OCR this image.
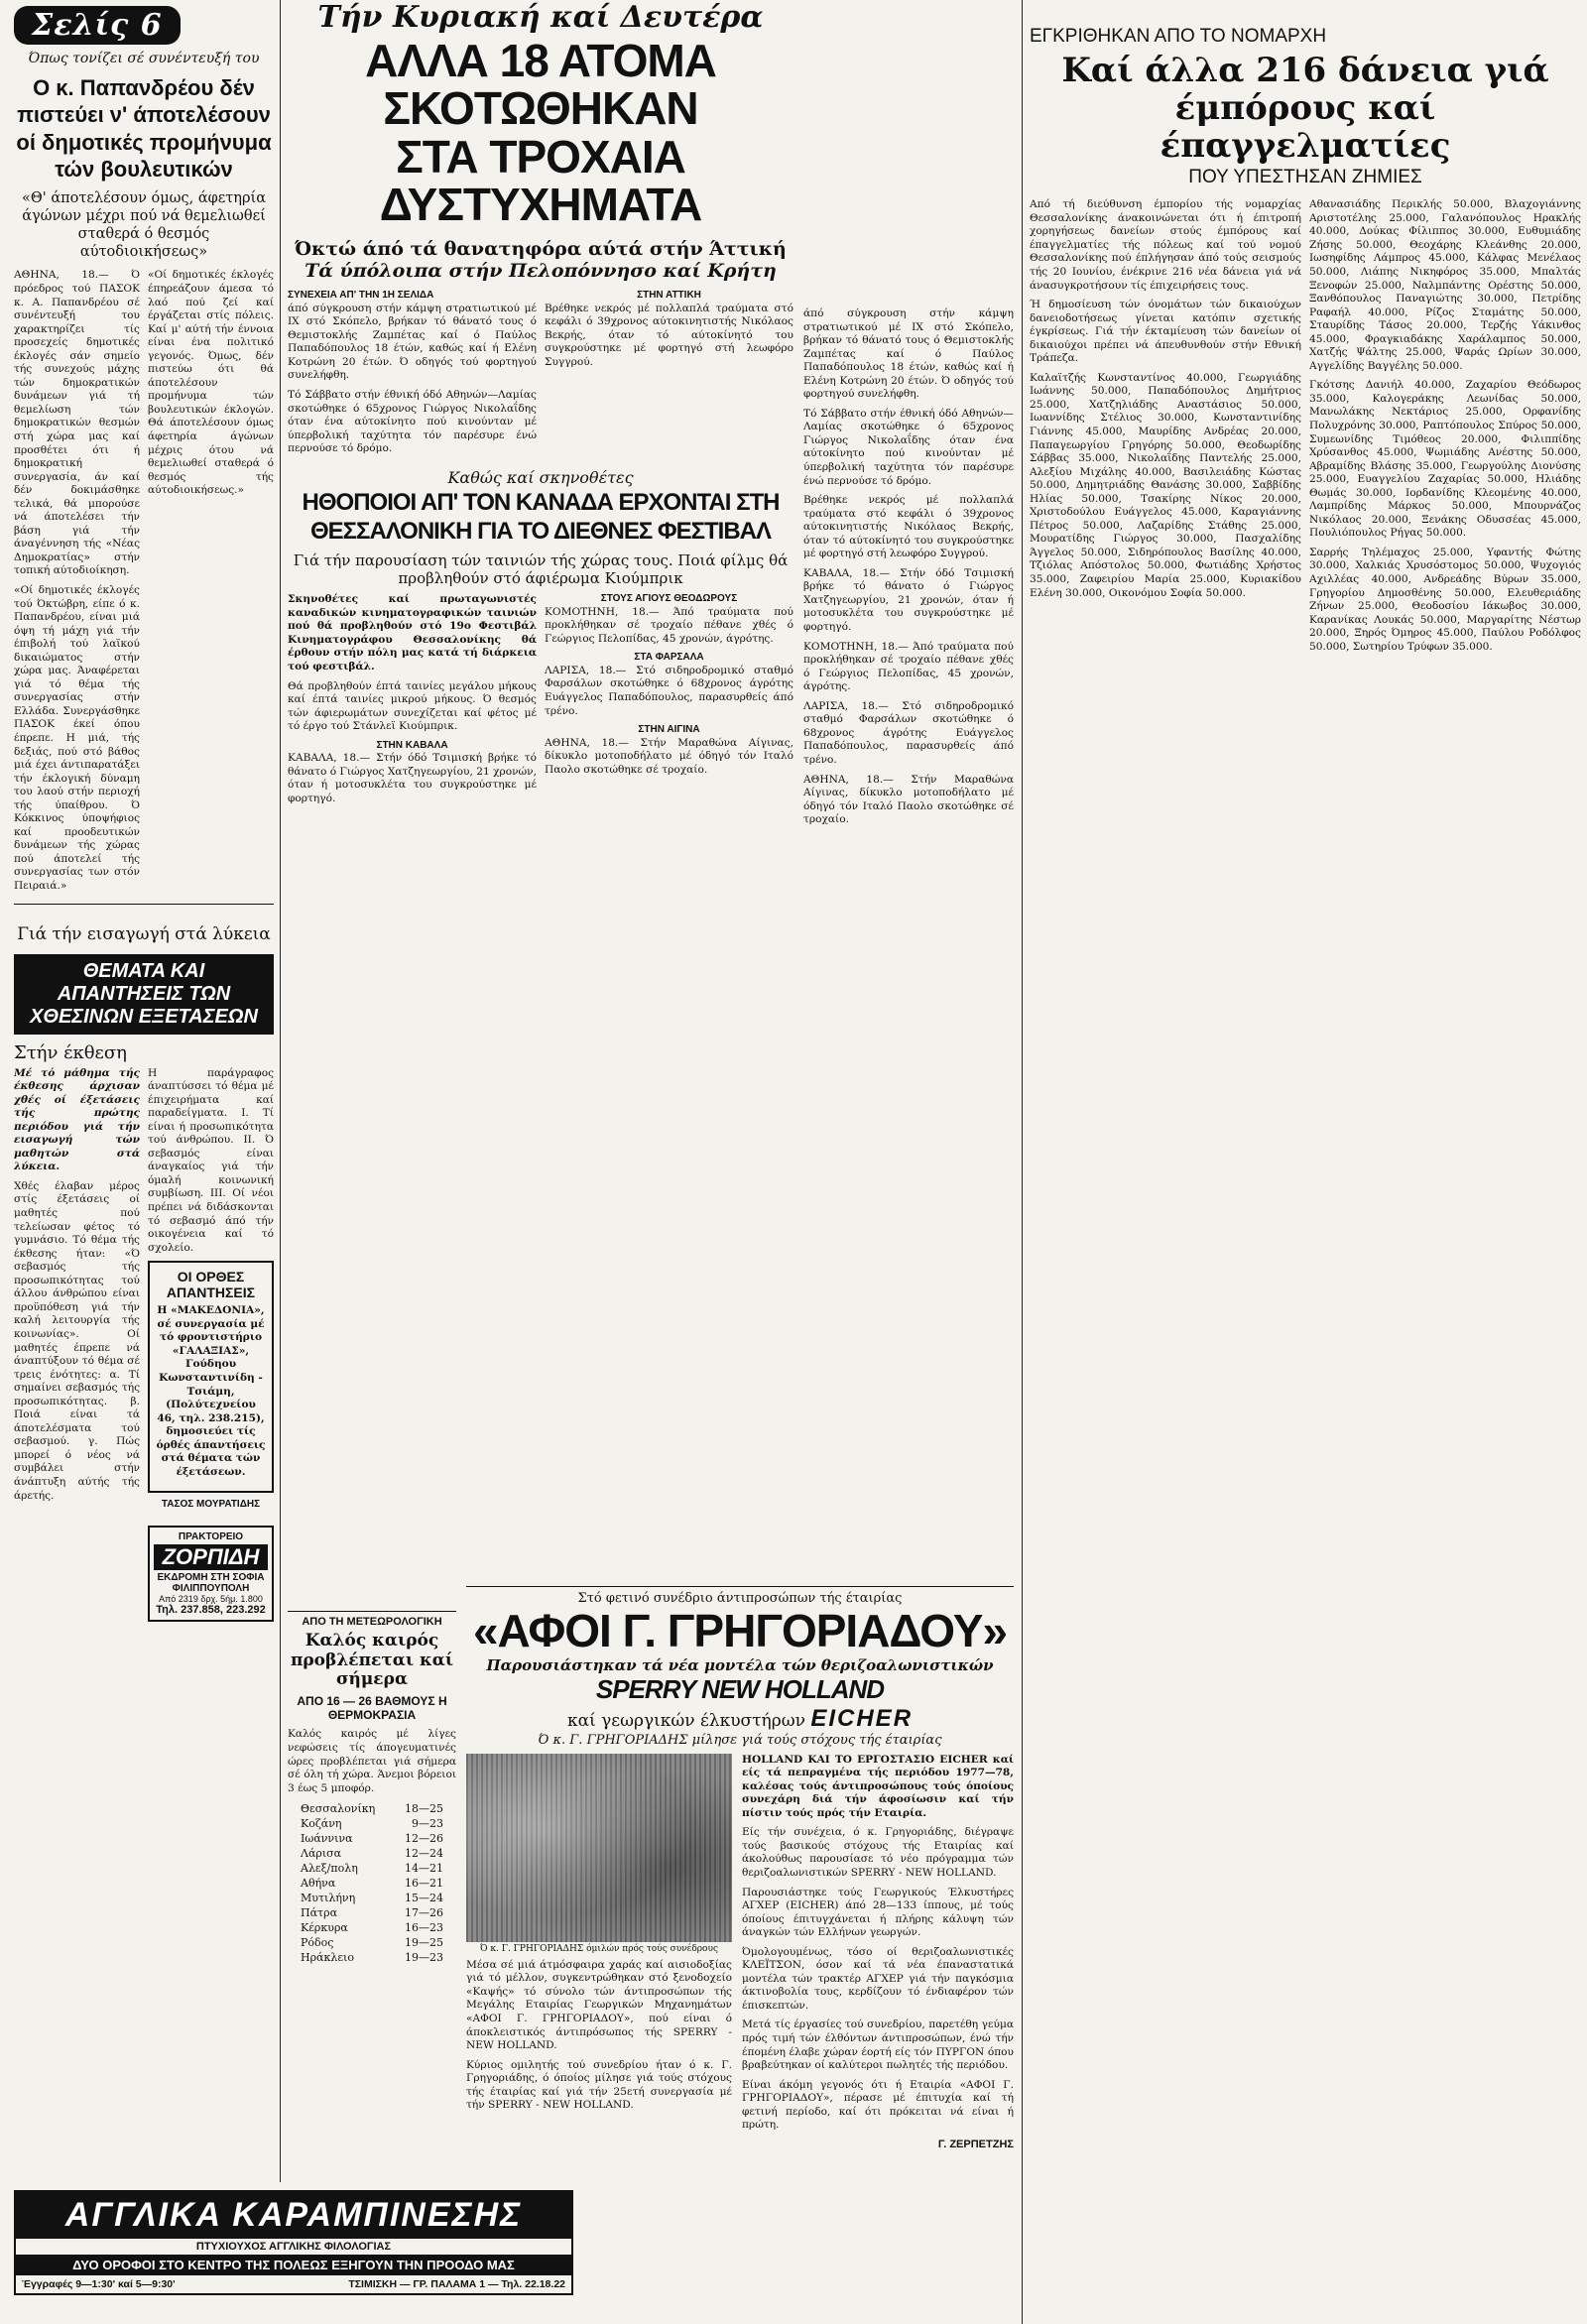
Σελίς 6
Όπως τονίζει σέ συνέντευξή του
Ο κ. Παπανδρέου δέν πιστεύει ν' άποτελέσουν οί δημοτικές προμήνυμα τών βουλευτικών
«Θ' άποτελέσουν όμως, άφετηρία άγώνων μέχρι πού νά θεμελιωθεί σταθερά ό θεσμός αύτοδιοικήσεως»

ΑΘΗΝΑ, 18.— Ό πρόεδρος τού ΠΑΣΟΚ κ. Α. Παπανδρέου σέ συνέντευξή του χαρακτηρίζει τίς προσεχείς δημοτικές έκλογές σάν σημείο τής συνεχούς μάχης τών δημοκρατικών δυνάμεων γιά τή θεμελίωση τών δημοκρατικών θεσμών στή χώρα μας καί προσθέτει ότι ή δημοκρατική συνεργασία, άν καί δέν δοκιμάσθηκε τελικά, θά μπορούσε νά άποτελέσει τήν βάση γιά τήν άναγέννηση τής «Νέας Δημοκρατίας» στήν τοπική αύτοδιοίκηση.

«Οί δημοτικές έκλογές τού Όκτώβρη, είπε ό κ. Παπανδρέου, είναι μιά όψη τή μάχη γιά τήν έπιβολή τού λαϊκού δικαιώματος στήν χώρα μας. Άναφέρεται γιά τό θέμα τής συνεργασίας στήν Ελλάδα. Συνεργάσθηκε ΠΑΣΟΚ έκεί όπου έπρεπε. Η μιά, τής δεξιάς, πού στό βάθος μιά έχει άντιπαρατάξει τήν έκλογική δύναμη του λαού στήν περιοχή τής ύπαίθρου. Ό Κόκκινος ύποψήφιος καί προοδευτικών δυνάμεων τής χώρας πού άποτελεί τής συνεργασίας των στόν Πειραιά.»

«Οί δημοτικές έκλογές έπηρεάζουν άμεσα τό λαό πού ζεί καί έργάζεται στίς πόλεις. Καί μ' αύτή τήν έννοια είναι ένα πολιτικό γεγονός. Όμως, δέν πιστεύω ότι θά άποτελέσουν προμήνυμα τών βουλευτικών έκλογών. Θά άποτελέσουν όμως άφετηρία άγώνων μέχρις ότου νά θεμελιωθεί σταθερά ό θεσμός τής αύτοδιοικήσεως.»

Γιά τήν εισαγωγή στά λύκεια
ΘΕΜΑΤΑ ΚΑΙ ΑΠΑΝΤΗΣΕΙΣ ΤΩΝ ΧΘΕΣΙΝΩΝ ΕΞΕΤΑΣΕΩΝ
Στήν έκθεση

Μέ τό μάθημα τής έκθεσης άρχισαν χθές οί έξετάσεις τής πρώτης περιόδου γιά τήν εισαγωγή τών μαθητών στά λύκεια.

Χθές έλαβαν μέρος στίς έξετάσεις οί μαθητές πού τελείωσαν φέτος τό γυμνάσιο. Τό θέμα τής έκθεσης ήταν: «Ό σεβασμός τής προσωπικότητας τού άλλου άνθρώπου είναι προϋπόθεση γιά τήν καλή λειτουργία τής κοινωνίας». Οί μαθητές έπρεπε νά άναπτύξουν τό θέμα σέ τρεις ένότητες: α. Τί σημαίνει σεβασμός τής προσωπικότητας. β. Ποιά είναι τά άποτελέσματα τού σεβασμού. γ. Πώς μπορεί ό νέος νά συμβάλει στήν άνάπτυξη αύτής τής άρετής.

Η παράγραφος άναπτύσσει τό θέμα μέ έπιχειρήματα καί παραδείγματα. Ι. Τί είναι ή προσωπικότητα τού άνθρώπου. ΙΙ. Ό σεβασμός είναι άναγκαίος γιά τήν όμαλή κοινωνική συμβίωση. ΙΙΙ. Οί νέοι πρέπει νά διδάσκονται τό σεβασμό άπό τήν οικογένεια καί τό σχολείο.

ΟΙ ΟΡΘΕΣ ΑΠΑΝΤΗΣΕΙΣ
Η «ΜΑΚΕΔΟΝΙΑ», σέ συνεργασία μέ τό φροντιστήριο «ΓΑΛΑΞΙΑΣ», Γούδηου Κωνσταντινίδη - Τσιάμη, (Πολύτεχνείου 46, τηλ. 238.215), δημοσιεύει τίς όρθές άπαντήσεις στά θέματα τών έξετάσεων.
ΤΑΣΟΣ ΜΟΥΡΑΤΙΔΗΣ
ΠΡΑΚΤΟΡΕΙΟ
ΖΟΡΠΙΔΗ
ΕΚΔΡΟΜΗ ΣΤΗ ΣΟΦΙΑ
ΦΙΛΙΠΠΟΥΠΟΛΗ
Από 2319 δρχ. 5ήμ. 1.800
Τηλ. 237.858, 223.292
ΑΓΓΛΙΚΑ ΚΑΡΑΜΠΙΝΕΣΗΣ
ΠΤΥΧΙΟΥΧΟΣ ΑΓΓΛΙΚΗΣ ΦΙΛΟΛΟΓΙΑΣ
ΔΥΟ ΟΡΟΦΟΙ ΣΤΟ ΚΕΝΤΡΟ ΤΗΣ ΠΟΛΕΩΣ ΕΞΗΓΟΥΝ ΤΗΝ ΠΡΟΟΔΟ ΜΑΣ
Έγγραφές 9—1:30' καί 5—9:30'	ΤΣΙΜΙΣΚΗ — ΓΡ. ΠΑΛΑΜΑ 1 — Τηλ. 22.18.22
Τήν Κυριακή καί Δευτέρα
ΑΛΛΑ 18 ΑΤΟΜΑ ΣΚΟΤΩΘΗΚΑΝ
ΣΤΑ ΤΡΟΧΑΙΑ ΔΥΣΤΥΧΗΜΑΤΑ
Όκτώ άπό τά θανατηφόρα αύτά στήν Άττική
Τά ύπόλοιπα στήν Πελοπόννησο καί Κρήτη
ΣΥΝΕΧΕΙΑ ΑΠ' ΤΗΝ 1Η ΣΕΛΙΔΑ

άπό σύγκρουση στήν κάμψη στρατιωτικού μέ ΙΧ στό Σκόπελο, βρήκαν τό θάνατό τους ό Θεμιστοκλής Ζαμπέτας καί ό Παύλος Παπαδόπουλος 18 έτών, καθώς καί ή Ελένη Κοτρώνη 20 έτών. Ό οδηγός τού φορτηγού συνελήφθη.

Τό Σάββατο στήν έθνική όδό Αθηνών—Λαμίας σκοτώθηκε ό 65χρονος Γιώργος Νικολαΐδης όταν ένα αύτοκίνητο πού κινούνταν μέ ύπερβολική ταχύτητα τόν παρέσυρε ένώ περνούσε τό δρόμο.

ΣΤΗΝ ΑΤΤΙΚΗ

Βρέθηκε νεκρός μέ πολλαπλά τραύματα στό κεφάλι ό 39χρονος αύτοκινητιστής Νικόλαος Βεκρής, όταν τό αύτοκίνητό του συγκρούστηκε μέ φορτηγό στή λεωφόρο Συγγρού.

Καθώς καί σκηνοθέτες
ΗΘΟΠΟΙΟΙ ΑΠ' ΤΟΝ ΚΑΝΑΔΑ ΕΡΧΟΝΤΑΙ ΣΤΗ ΘΕΣΣΑΛΟΝΙΚΗ ΓΙΑ ΤΟ ΔΙΕΘΝΕΣ ΦΕΣΤΙΒΑΛ
Γιά τήν παρουσίαση τών ταινιών τής χώρας τους. Ποιά φίλμς θά προβληθούν στό άφιέρωμα Κιούμπρικ

Σκηνοθέτες καί πρωταγωνιστές καναδικών κινηματογραφικών ταινιών πού θά προβληθούν στό 19ο Φεστιβάλ Κινηματογράφου Θεσσαλονίκης θά έρθουν στήν πόλη μας κατά τή διάρκεια τού φεστιβάλ.

Θά προβληθούν έπτά ταινίες μεγάλου μήκους καί έπτά ταινίες μικρού μήκους. Ό θεσμός τών άφιερωμάτων συνεχίζεται καί φέτος μέ τό έργο τού Στάνλεϊ Κιούμπρικ.

ΣΤΗΝ ΚΑΒΑΛΑ

ΚΑΒΑΛΑ, 18.— Στήν όδό Τσιμισκή βρήκε τό θάνατο ό Γιώργος Χατζηγεωργίου, 21 χρονών, όταν ή μοτοσυκλέτα του συγκρούστηκε μέ φορτηγό.

ΣΤΟΥΣ ΑΓΙΟΥΣ ΘΕΟΔΩΡΟΥΣ

ΚΟΜΟΤΗΝΗ, 18.— Άπό τραύματα πού προκλήθηκαν σέ τροχαίο πέθανε χθές ό Γεώργιος Πελοπίδας, 45 χρονών, άγρότης.

ΣΤΑ ΦΑΡΣΑΛΑ

ΛΑΡΙΣΑ, 18.— Στό σιδηροδρομικό σταθμό Φαρσάλων σκοτώθηκε ό 68χρονος άγρότης Ευάγγελος Παπαδόπουλος, παρασυρθείς άπό τρένο.

ΣΤΗΝ ΑΙΓΙΝΑ

ΑΘΗΝΑ, 18.— Στήν Μαραθώνα Αίγινας, δίκυκλο μοτοποδήλατο μέ όδηγό τόν Ιταλό Παολο σκοτώθηκε σέ τροχαίο.

ΑΠΟ ΤΗ ΜΕΤΕΩΡΟΛΟΓΙΚΗ
Καλός καιρός προβλέπεται καί σήμερα
ΑΠΟ 16 — 26 ΒΑΘΜΟΥΣ Η ΘΕΡΜΟΚΡΑΣΙΑ

Καλός καιρός μέ λίγες νεφώσεις τίς άπογευματινές ώρες προβλέπεται γιά σήμερα σέ όλη τή χώρα. Άνεμοι βόρειοι 3 έως 5 μποφόρ.

Θεσσαλονίκη	18—25
Κοζάνη	9—23
Ιωάννινα	12—26
Λάρισα	12—24
Αλεξ/πολη	14—21
Αθήνα	16—21
Μυτιλήνη	15—24
Πάτρα	17—26
Κέρκυρα	16—23
Ρόδος	19—25
Ηράκλειο	19—23
Στό φετινό συνέδριο άντιπροσώπων τής έταιρίας
«ΑΦΟΙ Γ. ΓΡΗΓΟΡΙΑΔΟΥ»
Παρουσιάστηκαν τά νέα μοντέλα τών θεριζοαλωνιστικών
SPERRY NEW HOLLAND
καί γεωργικών έλκυστήρων EICHER
Ό κ. Γ. ΓΡΗΓΟΡΙΑΔΗΣ μίλησε γιά τούς στόχους τής έταιρίας
Ό κ. Γ. ΓΡΗΓΟΡΙΑΔΗΣ όμιλών πρός τούς συνέδρους

Μέσα σέ μιά άτμόσφαιρα χαράς καί αισιοδοξίας γιά τό μέλλον, συγκεντρώθηκαν στό ξενοδοχείο «Καψής» τό σύνολο τών άντιπροσώπων τής Μεγάλης Εταιρίας Γεωργικών Μηχανημάτων «ΑΦΟΙ Γ. ΓΡΗΓΟΡΙΑΔΟΥ», πού είναι ό άποκλειστικός άντιπρόσωπος τής SPERRY - NEW HOLLAND.

Κύριος ομιλητής τού συνεδρίου ήταν ό κ. Γ. Γρηγοριάδης, ό όποίος μίλησε γιά τούς στόχους τής έταιρίας καί γιά τήν 25ετή συνεργασία μέ τήν SPERRY - NEW HOLLAND.

HOLLAND ΚΑΙ ΤΟ ΕΡΓΟΣΤΑΣΙΟ EICHER καί είς τά πεπραγμένα τής περιόδου 1977—78, καλέσας τούς άντιπροσώπους τούς όποίους συνεχάρη διά τήν άφοσίωσιν καί τήν πίστιν τούς πρός τήν Εταιρία.

Είς τήν συνέχεια, ό κ. Γρηγοριάδης, διέγραψε τούς βασικούς στόχους τής Εταιρίας καί άκολούθως παρουσίασε τό νέο πρόγραμμα τών θεριζοαλωνιστικών SPERRY - NEW HOLLAND.

Παρουσιάστηκε τούς Γεωργικούς Έλκυστήρες ΑΓΧΕΡ (EICHER) άπό 28—133 ίππους, μέ τούς όποίους έπιτυγχάνεται ή πλήρης κάλυψη τών άναγκών τών Ελλήνων γεωργών.

Όμολογουμένως, τόσο οί θεριζοαλωνιστικές ΚΛΕΪΤΣΟΝ, όσον καί τά νέα έπαναστατικά μοντέλα τών τρακτέρ ΑΓΧΕΡ γιά τήν παγκόσμια άκτινοβολία τους, κερδίζουν τό ένδιαφέρον τών έπισκεπτών.

Μετά τίς έργασίες τού συνεδρίου, παρετέθη γεύμα πρός τιμή τών έλθόντων άντιπροσώπων, ένώ τήν έπομένη έλαβε χώραν έορτή είς τόν ΠΥΡΓΟΝ όπου βραβεύτηκαν οί καλύτεροι πωλητές τής περιόδου.

Είναι άκόμη γεγονός ότι ή Εταιρία «ΑΦΟΙ Γ. ΓΡΗΓΟΡΙΑΔΟΥ», πέρασε μέ έπιτυχία καί τή φετινή περίοδο, καί ότι πρόκειται νά είναι ή πρώτη.

Γ. ΖΕΡΠΕΤΖΗΣ

άπό σύγκρουση στήν κάμψη στρατιωτικού μέ ΙΧ στό Σκόπελο, βρήκαν τό θάνατό τους ό Θεμιστοκλής Ζαμπέτας καί ό Παύλος Παπαδόπουλος 18 έτών, καθώς καί ή Ελένη Κοτρώνη 20 έτών. Ό οδηγός τού φορτηγού συνελήφθη.

Τό Σάββατο στήν έθνική όδό Αθηνών—Λαμίας σκοτώθηκε ό 65χρονος Γιώργος Νικολαΐδης όταν ένα αύτοκίνητο πού κινούνταν μέ ύπερβολική ταχύτητα τόν παρέσυρε ένώ περνούσε τό δρόμο.

Βρέθηκε νεκρός μέ πολλαπλά τραύματα στό κεφάλι ό 39χρονος αύτοκινητιστής Νικόλαος Βεκρής, όταν τό αύτοκίνητό του συγκρούστηκε μέ φορτηγό στή λεωφόρο Συγγρού.

ΚΑΒΑΛΑ, 18.— Στήν όδό Τσιμισκή βρήκε τό θάνατο ό Γιώργος Χατζηγεωργίου, 21 χρονών, όταν ή μοτοσυκλέτα του συγκρούστηκε μέ φορτηγό.

ΚΟΜΟΤΗΝΗ, 18.— Άπό τραύματα πού προκλήθηκαν σέ τροχαίο πέθανε χθές ό Γεώργιος Πελοπίδας, 45 χρονών, άγρότης.

ΛΑΡΙΣΑ, 18.— Στό σιδηροδρομικό σταθμό Φαρσάλων σκοτώθηκε ό 68χρονος άγρότης Ευάγγελος Παπαδόπουλος, παρασυρθείς άπό τρένο.

ΑΘΗΝΑ, 18.— Στήν Μαραθώνα Αίγινας, δίκυκλο μοτοποδήλατο μέ όδηγό τόν Ιταλό Παολο σκοτώθηκε σέ τροχαίο.

ΕΓΚΡΙΘΗΚΑΝ ΑΠΟ ΤΟ ΝΟΜΑΡΧΗ
Καί άλλα 216 δάνεια γιά έμπόρους καί έπαγγελματίες
ΠΟΥ ΥΠΕΣΤΗΣΑΝ ΖΗΜΙΕΣ

Από τή διεύθυνση έμπορίου τής νομαρχίας Θεσσαλονίκης άνακοινώνεται ότι ή έπιτροπή χορηγήσεως δανείων στούς έμπόρους καί έπαγγελματίες τής πόλεως καί τού νομού Θεσσαλονίκης πού έπλήγησαν άπό τούς σεισμούς τής 20 Ιουνίου, ένέκρινε 216 νέα δάνεια γιά νά άνασυγκροτήσουν τίς έπιχειρήσεις τους.

Ή δημοσίευση τών όνομάτων τών δικαιούχων δανειοδοτήσεως γίνεται κατόπιν σχετικής έγκρίσεως. Γιά τήν έκταμίευση τών δανείων οί δικαιούχοι πρέπει νά άπευθυνθούν στήν Εθνική Τράπεζα.

Καλαϊτζής Κωνσταντίνος 40.000, Γεωργιάδης Ιωάννης 50.000, Παπαδόπουλος Δημήτριος 25.000, Χατζηλιάδης Αναστάσιος 50.000, Ιωαννίδης Στέλιος 30.000, Κωνσταντινίδης Γιάννης 45.000, Μαυρίδης Ανδρέας 20.000, Παπαγεωργίου Γρηγόρης 50.000, Θεοδωρίδης Σάββας 35.000, Νικολαΐδης Παντελής 25.000, Αλεξίου Μιχάλης 40.000, Βασιλειάδης Κώστας 50.000, Δημητριάδης Θανάσης 30.000, Σαββίδης Ηλίας 50.000, Τσακίρης Νίκος 20.000, Χριστοδούλου Ευάγγελος 45.000, Καραγιάννης Πέτρος 50.000, Λαζαρίδης Στάθης 25.000, Μουρατίδης Γιώργος 30.000, Πασχαλίδης Άγγελος 50.000, Σιδηρόπουλος Βασίλης 40.000, Τζιόλας Απόστολος 50.000, Φωτιάδης Χρήστος 35.000, Ζαφειρίου Μαρία 25.000, Κυριακίδου Ελένη 30.000, Οικονόμου Σοφία 50.000.

Αθανασιάδης Περικλής 50.000, Βλαχογιάννης Αριστοτέλης 25.000, Γαλανόπουλος Ηρακλής 40.000, Δούκας Φίλιππος 30.000, Ευθυμιάδης Ζήσης 50.000, Θεοχάρης Κλεάνθης 20.000, Ιωσηφίδης Λάμπρος 45.000, Κάλφας Μενέλαος 50.000, Λιάπης Νικηφόρος 35.000, Μπαλτάς Ξενοφών 25.000, Ναλμπάντης Ορέστης 50.000, Ξανθόπουλος Παναγιώτης 30.000, Πετρίδης Ραφαήλ 40.000, Ρίζος Σταμάτης 50.000, Σταυρίδης Τάσος 20.000, Τερζής Υάκινθος 45.000, Φραγκιαδάκης Χαράλαμπος 50.000, Χατζής Ψάλτης 25.000, Ψαράς Ωρίων 30.000, Αγγελίδης Βαγγέλης 50.000.

Γκότσης Δανιήλ 40.000, Ζαχαρίου Θεόδωρος 35.000, Καλογεράκης Λεωνίδας 50.000, Μανωλάκης Νεκτάριος 25.000, Ορφανίδης Πολυχρόνης 30.000, Ραπτόπουλος Σπύρος 50.000, Συμεωνίδης Τιμόθεος 20.000, Φιλιππίδης Χρύσανθος 45.000, Ψωμιάδης Ανέστης 50.000, Αβραμίδης Βλάσης 35.000, Γεωργούλης Διονύσης 25.000, Ευαγγελίου Ζαχαρίας 50.000, Ηλιάδης Θωμάς 30.000, Ιορδανίδης Κλεομένης 40.000, Λαμπρίδης Μάρκος 50.000, Μπουρνάζος Νικόλαος 20.000, Ξενάκης Οδυσσέας 45.000, Πουλιόπουλος Ρήγας 50.000.

Σαρρής Τηλέμαχος 25.000, Υφαντής Φώτης 30.000, Χαλκιάς Χρυσόστομος 50.000, Ψυχογιός Αχιλλέας 40.000, Ανδρεάδης Βύρων 35.000, Γρηγορίου Δημοσθένης 50.000, Ελευθεριάδης Ζήνων 25.000, Θεοδοσίου Ιάκωβος 30.000, Καρανίκας Λουκάς 50.000, Μαργαρίτης Νέστωρ 20.000, Ξηρός Όμηρος 45.000, Παύλου Ροδόλφος 50.000, Σωτηρίου Τρύφων 35.000.
